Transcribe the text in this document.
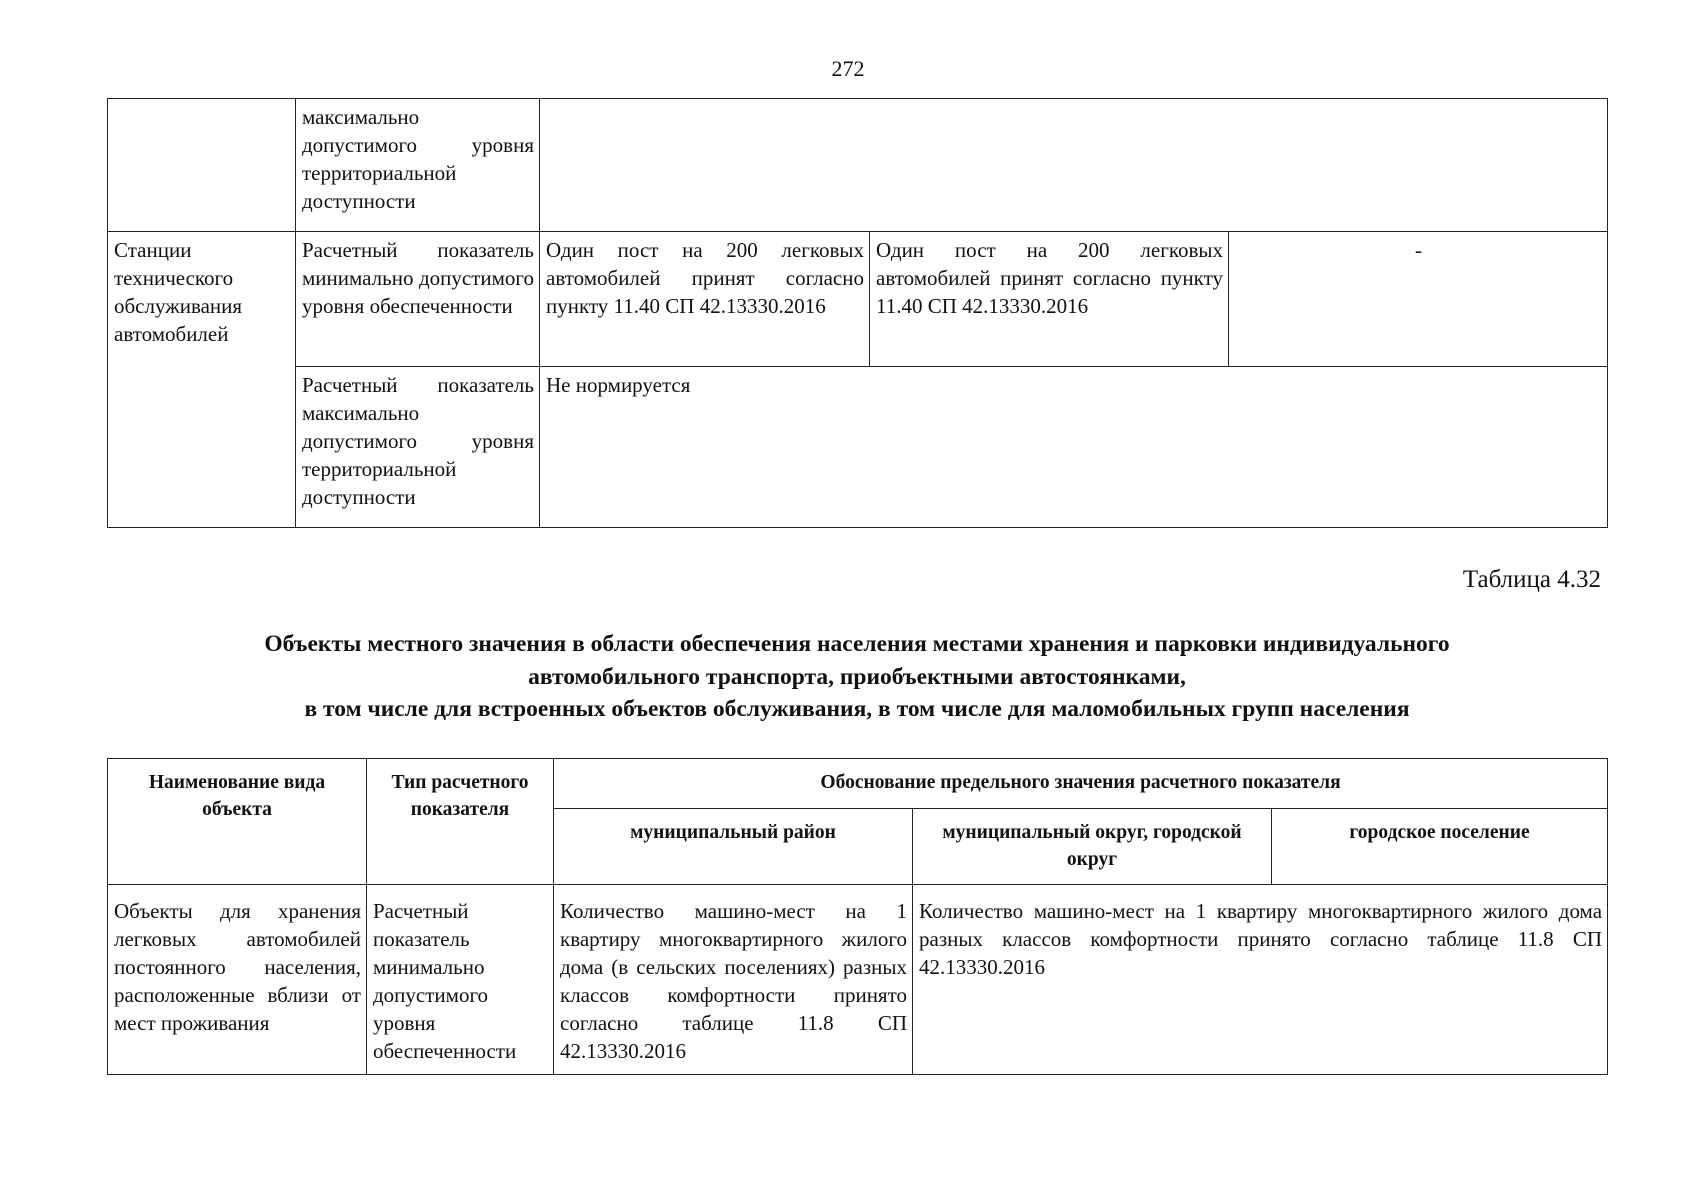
272
	максимально допустимого уровня территориальной доступности			
Станции технического обслуживания автомобилей	Расчетный показатель минимально допустимого уровня обеспеченности	Один пост на 200 легковых автомобилей принят согласно пункту 11.40 СП 42.13330.2016	Один пост на 200 легковых автомобилей принят согласно пункту 11.40 СП 42.13330.2016	-
	Расчетный показатель максимально допустимого уровня территориальной доступности	Не нормируется		
Таблица 4.32
Объекты местного значения в области обеспечения населения местами хранения и парковки индивидуального
автомобильного транспорта, приобъектными автостоянками,
в том числе для встроенных объектов обслуживания, в том числе для маломобильных групп населения
Наименование вида объекта	Тип расчетного показателя	Обоснование предельного значения расчетного показателя		
		муниципальный район	муниципальный округ, городской округ	городское поселение
Объекты для хранения легковых автомобилей постоянного населения, расположенные вблизи от мест проживания	Расчетный показатель минимально допустимого уровня обеспеченности	Количество машино-мест на 1 квартиру многоквартирного жилого дома (в сельских поселениях) разных классов комфортности принято согласно таблице 11.8 СП 42.13330.2016	Количество машино-мест на 1 квартиру многоквартирного жилого дома разных классов комфортности принято согласно таблице 11.8 СП 42.13330.2016	
